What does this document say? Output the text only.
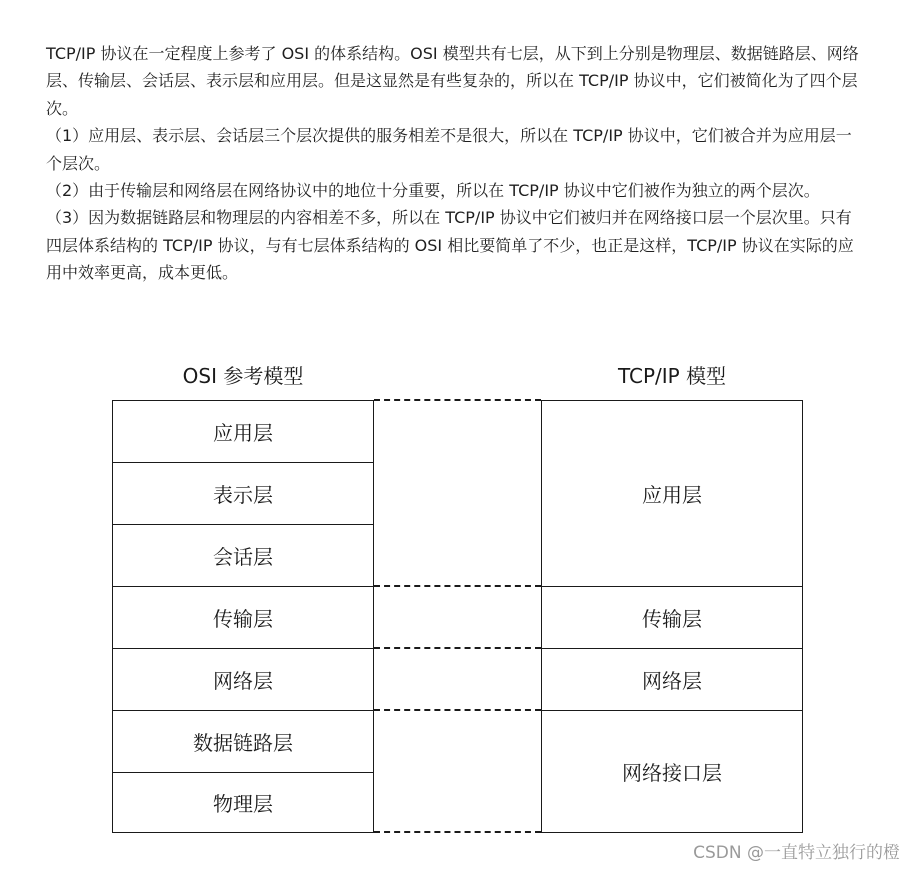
TCP/IP 协议在一定程度上参考了 OSI 的体系结构。OSI 模型共有七层，从下到上分别是物理层、数据链路层、网络层、传输层、会话层、表示层和应用层。但是这显然是有些复杂的，所以在 TCP/IP 协议中，它们被简化为了四个层次。

（1）应用层、表示层、会话层三个层次提供的服务相差不是很大，所以在 TCP/IP 协议中，它们被合并为应用层一个层次。

（2）由于传输层和网络层在网络协议中的地位十分重要，所以在 TCP/IP 协议中它们被作为独立的两个层次。

（3）因为数据链路层和物理层的内容相差不多，所以在 TCP/IP 协议中它们被归并在网络接口层一个层次里。只有四层体系结构的 TCP/IP 协议，与有七层体系结构的 OSI 相比要简单了不少，也正是这样，TCP/IP 协议在实际的应用中效率更高，成本更低。

OSI 参考模型	TCP/IP 模型
应用层
表示层
会话层
传输层
网络层
数据链路层
物理层
应用层
传输层
网络层
网络接口层
CSDN @一直特立独行的橙
